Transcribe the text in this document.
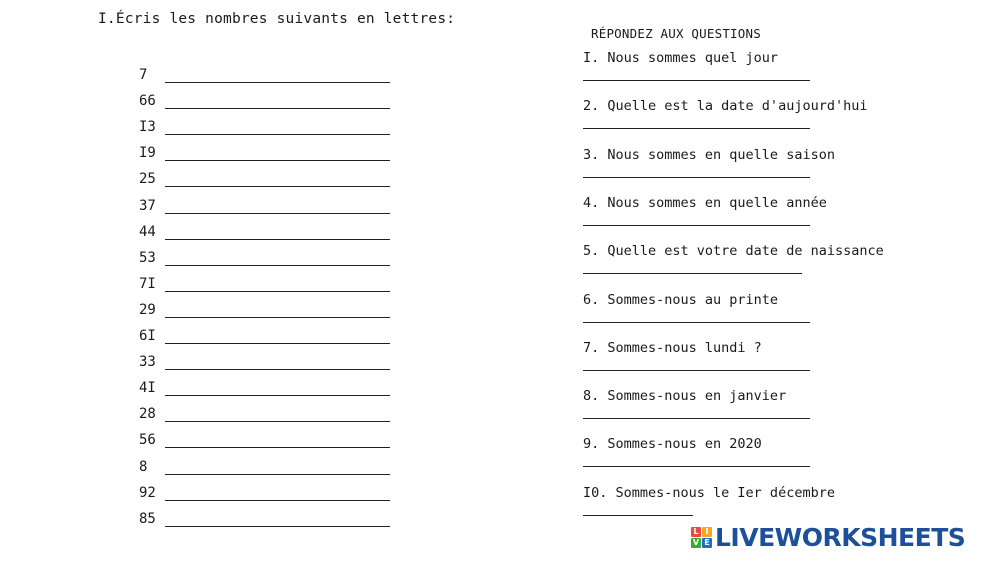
I.Écris les nombres suivants en lettres:
7
66
I3
I9
25
37
44
53
7I
29
6I
33
4I
28
56
8
92
85
RÉPONDEZ AUX QUESTIONS
I. Nous sommes quel jour
2. Quelle est la date d'aujourd'hui
3. Nous sommes en quelle saison
4. Nous sommes en quelle année
5. Quelle est votre date de naissance
6. Sommes-nous au printe
7. Sommes-nous lundi ?
8. Sommes-nous en janvier
9. Sommes-nous en 2020
I0. Sommes-nous le Ier décembre
L I
V E LIVEWORKSHEETS
